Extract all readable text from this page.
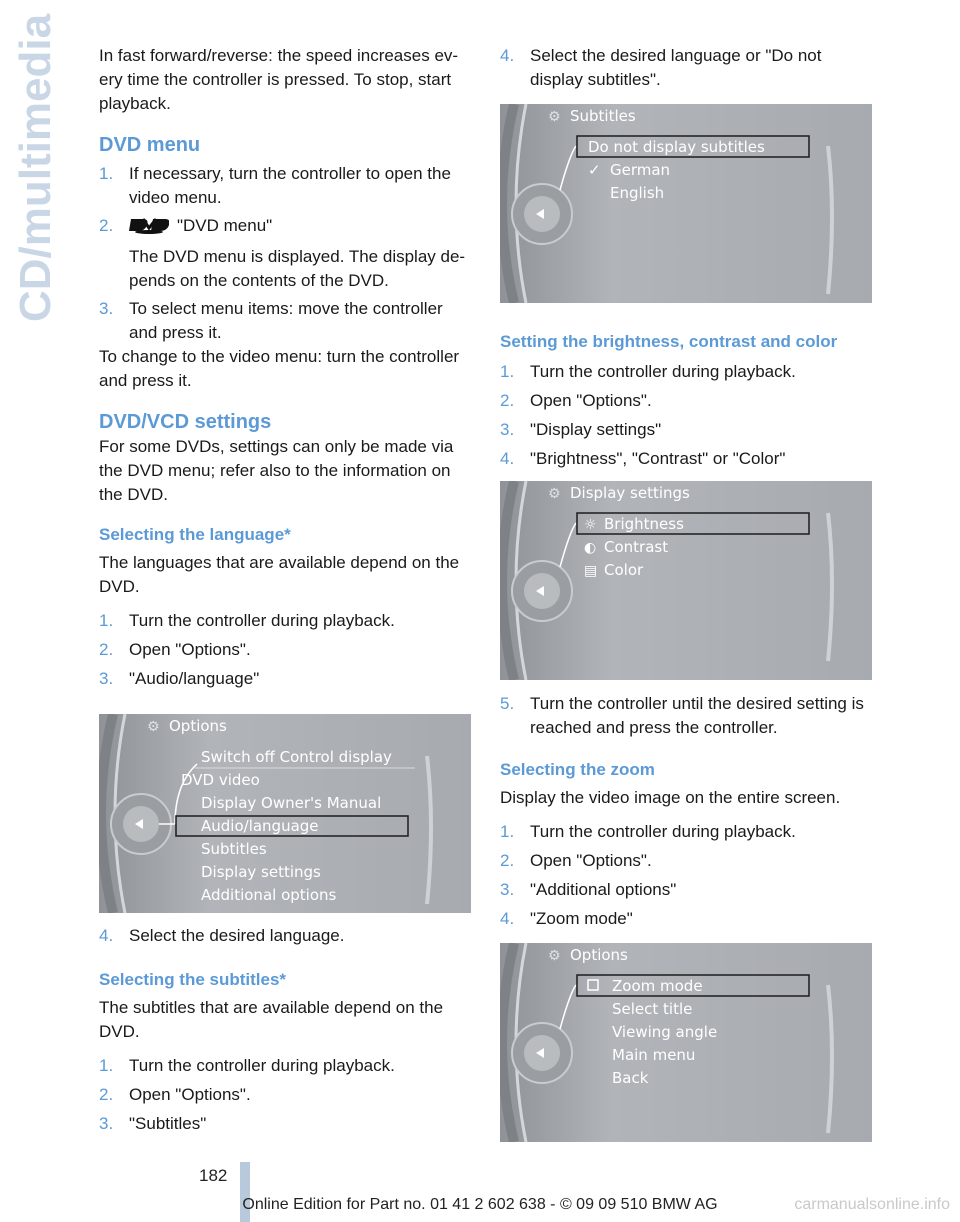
CD/multimedia In fast forward/reverse: the speed increases every time the controller is pressed. To stop, start playback.

DVD menu
1. If necessary, turn the controller to open the video menu.
2.	"DVD menu"
The DVD menu is displayed. The display depends on the contents of the DVD.
3. To select menu items: move the controller and press it.

To change to the video menu: turn the controller and press it.

DVD/VCD settings

For some DVDs, settings can only be made via the DVD menu; refer also to the information on the DVD.

Selecting the language*

The languages that are available depend on the DVD.

1. Turn the controller during playback.
2. Open "Options".
3. "Audio/language"
⚙ Options
Switch off Control display
DVD video
Display Owner's Manual
Audio/language
Subtitles
Display settings
Additional options
4. Select the desired language.
Selecting the subtitles*

The subtitles that are available depend on the DVD.

1. Turn the controller during playback.
2. Open "Options".
3. "Subtitles"
4. Select the desired language or "Do not display subtitles".
⚙ Subtitles
Do not display subtitles
✓ German
English
Setting the brightness, contrast and color
1. Turn the controller during playback.
2. Open "Options".
3. "Display settings"
4. "Brightness", "Contrast" or "Color"
⚙ Display settings
☼ Brightness
◐ Contrast
▤ Color
5. Turn the controller until the desired setting is reached and press the controller.
Selecting the zoom

Display the video image on the entire screen.

1. Turn the controller during playback.
2. Open "Options".
3. "Additional options"
4. "Zoom mode"
⚙ Options
Zoom mode
Select title
Viewing angle
Main menu
Back
182
Online Edition for Part no. 01 41 2 602 638 - © 09 09 510 BMW AG	carmanualsonline.info
